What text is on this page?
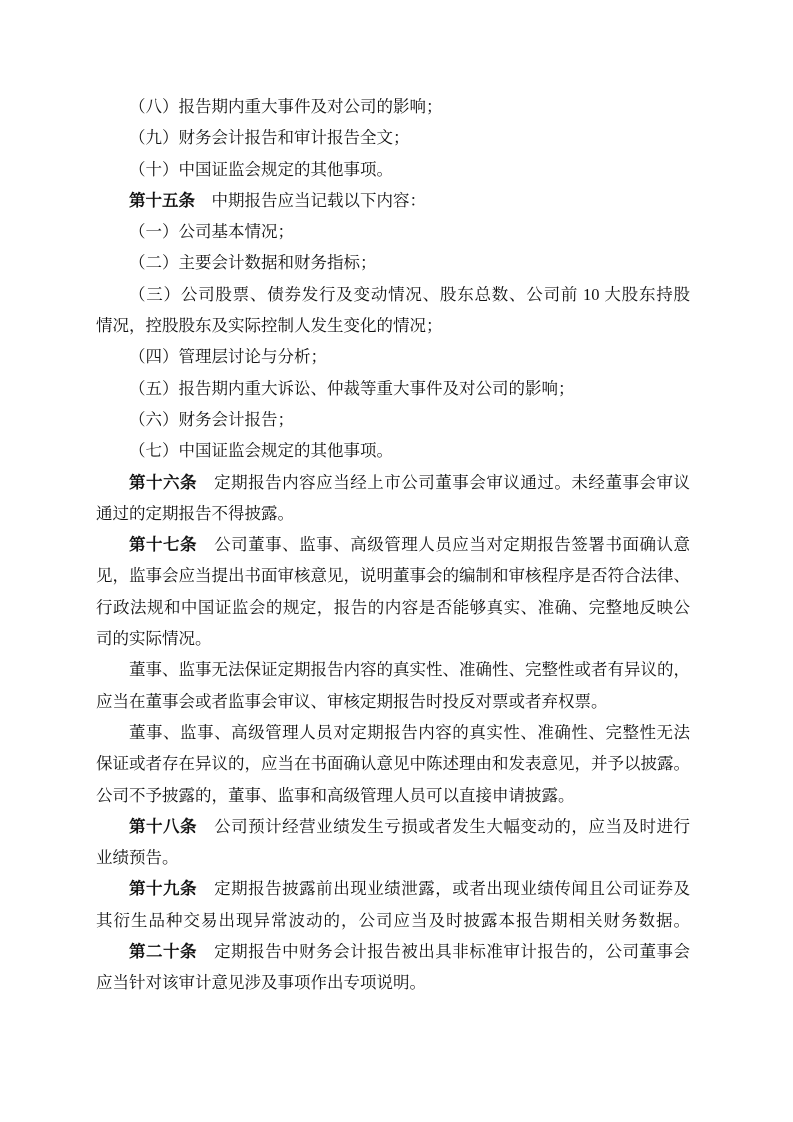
（八）报告期内重大事件及对公司的影响；
（九）财务会计报告和审计报告全文；
（十）中国证监会规定的其他事项。
第十五条　中期报告应当记载以下内容：
（一）公司基本情况；
（二）主要会计数据和财务指标；
（三）公司股票、债券发行及变动情况、股东总数、公司前 10 大股东持股
情况，控股股东及实际控制人发生变化的情况；
（四）管理层讨论与分析；
（五）报告期内重大诉讼、仲裁等重大事件及对公司的影响；
（六）财务会计报告；
（七）中国证监会规定的其他事项。
第十六条　定期报告内容应当经上市公司董事会审议通过。未经董事会审议
通过的定期报告不得披露。
第十七条　公司董事、监事、高级管理人员应当对定期报告签署书面确认意
见，监事会应当提出书面审核意见，说明董事会的编制和审核程序是否符合法律、
行政法规和中国证监会的规定，报告的内容是否能够真实、准确、完整地反映公
司的实际情况。
董事、监事无法保证定期报告内容的真实性、准确性、完整性或者有异议的，
应当在董事会或者监事会审议、审核定期报告时投反对票或者弃权票。
董事、监事、高级管理人员对定期报告内容的真实性、准确性、完整性无法
保证或者存在异议的，应当在书面确认意见中陈述理由和发表意见，并予以披露。
公司不予披露的，董事、监事和高级管理人员可以直接申请披露。
第十八条　公司预计经营业绩发生亏损或者发生大幅变动的，应当及时进行
业绩预告。
第十九条　定期报告披露前出现业绩泄露，或者出现业绩传闻且公司证券及
其衍生品种交易出现异常波动的，公司应当及时披露本报告期相关财务数据。
第二十条　定期报告中财务会计报告被出具非标准审计报告的，公司董事会
应当针对该审计意见涉及事项作出专项说明。
